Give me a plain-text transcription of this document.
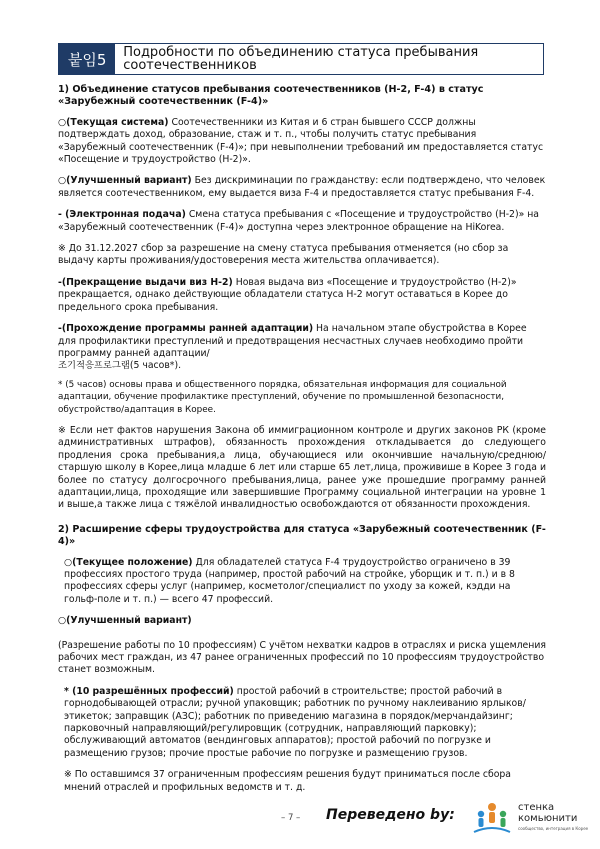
붙임5	Подробности по объединению статуса пребывания соотечественников
1) Объединение статусов пребывания соотечественников (H-2, F-4) в статус
«Зарубежный соотечественник (F-4)»

○(Текущая система) Соотечественники из Китая и 6 стран бывшего СССР должны подтверждать доход, образование, стаж и т. п., чтобы получить статус пребывания «Зарубежный соотечественник (F-4)»; при невыполнении требований им предоставляется статус «Посещение и трудоустройство (H-2)».

○(Улучшенный вариант) Без дискриминации по гражданству: если подтверждено, что человек является соотечественником, ему выдается виза F-4 и предоставляется статус пребывания F-4.

- (Электронная подача) Смена статуса пребывания с «Посещение и трудоустройство (H-2)» на «Зарубежный соотечественник (F-4)» доступна через электронное обращение на HiKorea.

※ До 31.12.2027 сбор за разрешение на смену статуса пребывания отменяется (но сбор за выдачу карты проживания/удостоверения места жительства оплачивается).

-(Прекращение выдачи виз H-2) Новая выдача виз «Посещение и трудоустройство (H-2)» прекращается, однако действующие обладатели статуса H-2 могут оставаться в Корее до предельного срока пребывания.

-(Прохождение программы ранней адаптации) На начальном этапе обустройства в Корее для профилактики преступлений и предотвращения несчастных случаев необходимо пройти программу ранней адаптации/
조기적응프로그램(5 часов*).

* (5 часов) основы права и общественного порядка, обязательная информация для социальной адаптации, обучение профилактике преступлений, обучение по промышленной безопасности, обустройство/адаптация в Корее.

※ Если нет фактов нарушения Закона об иммиграционном контроле и других законов РК (кроме административных штрафов), обязанность прохождения откладывается до следующего продления срока пребывания,а лица, обучающиеся или окончившие начальную/среднюю/старшую школу в Корее,лица младше 6 лет или старше 65 лет,лица, проживише в Корее 3 года и более по статусу долгосрочного пребывания,лица, ранее уже прошедшие программу ранней адаптации,лица, проходящие или завершившие Программу социальной интеграции на уровне 1 и выше,а также лица с тяжёлой инвалидностью освобождаются от обязанности прохождения.

2) Расширение сферы трудоустройства для статуса «Зарубежный соотечественник (F-4)»

○(Текущее положение) Для обладателей статуса F-4 трудоустройство ограничено в 39 профессиях простого труда (например, простой рабочий на стройке, уборщик и т. п.) и в 8 профессиях сферы услуг (например, косметолог/специалист по уходу за кожей, кэдди на гольф-поле и т. п.) — всего 47 профессий.

○(Улучшенный вариант)

(Разрешение работы по 10 профессиям) С учётом нехватки кадров в отраслях и риска ущемления рабочих мест граждан, из 47 ранее ограниченных профессий по 10 профессиям трудоустройство станет возможным.

* (10 разрешённых профессий) простой рабочий в строительстве; простой рабочий в горнодобывающей отрасли; ручной упаковщик; работник по ручному наклеиванию ярлыков/этикеток; заправщик (АЗС); работник по приведению магазина в порядок/мерчандайзинг; парковочный направляющий/регулировщик (сотрудник, направляющий парковку); обслуживающий автоматов (вендинговых аппаратов); простой рабочий по погрузке и размещению грузов; прочие простые рабочие по погрузке и размещению грузов.

※ По оставшимся 37 ограниченным профессиям решения будут приниматься после сбора мнений отраслей и профильных ведомств и т. д.

– 7 – Переведено by:	стенка
комьюнити
сообщество, интеграция в Корее
